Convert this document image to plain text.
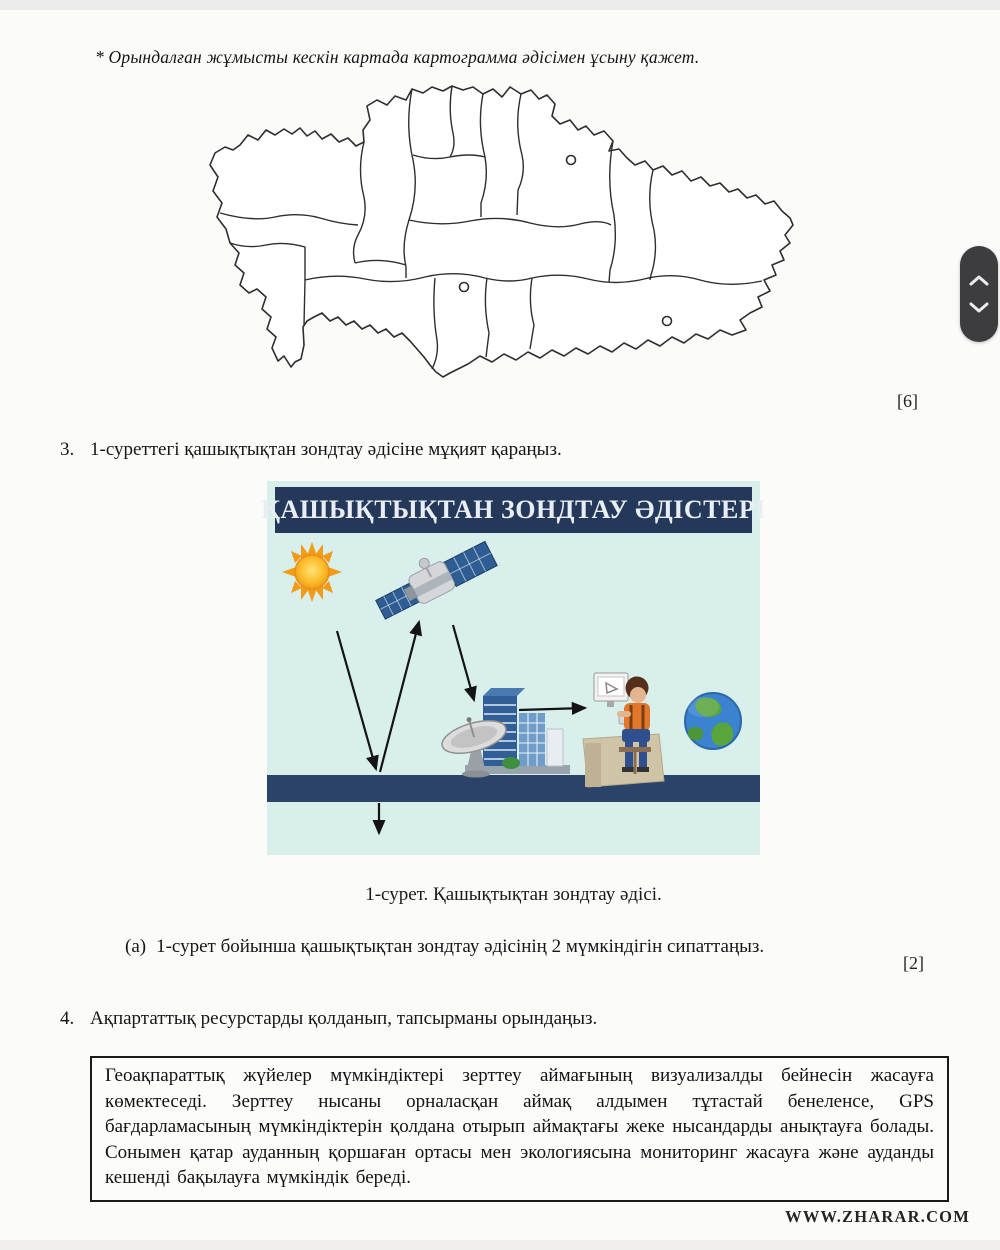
* Орындалған жұмысты кескін картада картограмма әдісімен ұсыну қажет.
[6]
3. 1-суреттегі қашықтықтан зондтау әдісіне мұқият қараңыз.
ҚАШЫҚТЫҚТАН ЗОНДТАУ ӘДІСТЕРІ
1-сурет. Қашықтықтан зондтау әдісі.
(а) 1-сурет бойынша қашықтықтан зондтау әдісінің 2 мүмкіндігін сипаттаңыз.
[2]
4. Ақпартаттық ресурстарды қолданып, тапсырманы орындаңыз.
Геоақпараттық жүйелер мүмкіндіктері зерттеу аймағының визуализалды бейнесін жасауға көмектеседі. Зерттеу нысаны орналасқан аймақ алдымен тұтастай бенеленсе, GPS бағдарламасының мүмкіндіктерін қолдана отырып аймақтағы жеке нысандарды анықтауға болады. Сонымен қатар ауданның қоршаған ортасы мен экологиясына мониторинг жасауға және ауданды кешенді бақылауға мүмкіндік береді.
WWW.ZHARAR.COM
